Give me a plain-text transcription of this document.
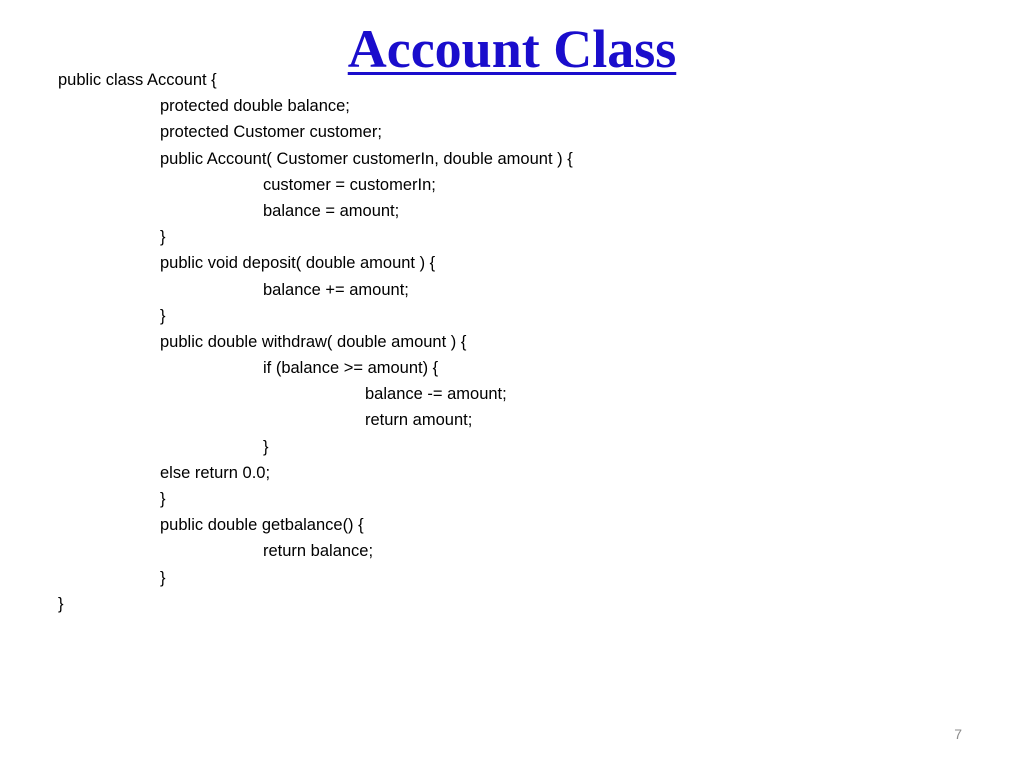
Account Class
public class Account {
protected double balance;
protected Customer customer;
public Account( Customer customerIn, double amount ) {
customer = customerIn;
balance = amount;
}
public void deposit( double amount ) {
balance += amount;
}
public double withdraw( double amount ) {
if (balance >= amount) {
balance -= amount;
return amount;
}
else return 0.0;
}
public double getbalance() {
return balance;
}
}
7
